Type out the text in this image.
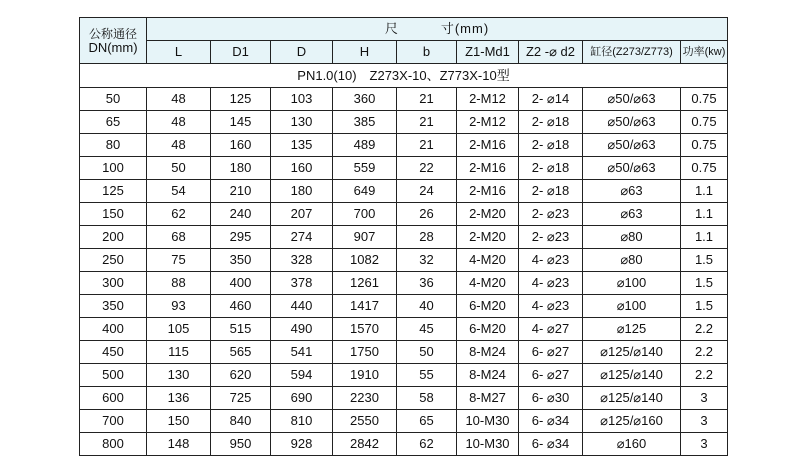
公称通径
DN(mm)	尺　　　寸(mm)								
	L	D1	D	H	b	Z1-Md1	Z2 -⌀ d2	缸径(Z273/Z773)	功率(kw)
PN1.0(10)　Z273X-10、Z773X-10型									
50	48	125	103	360	21	2-M12	2- ⌀14	⌀50/⌀63	0.75
65	48	145	130	385	21	2-M12	2- ⌀18	⌀50/⌀63	0.75
80	48	160	135	489	21	2-M16	2- ⌀18	⌀50/⌀63	0.75
100	50	180	160	559	22	2-M16	2- ⌀18	⌀50/⌀63	0.75
125	54	210	180	649	24	2-M16	2- ⌀18	⌀63	1.1
150	62	240	207	700	26	2-M20	2- ⌀23	⌀63	1.1
200	68	295	274	907	28	2-M20	2- ⌀23	⌀80	1.1
250	75	350	328	1082	32	4-M20	4- ⌀23	⌀80	1.5
300	88	400	378	1261	36	4-M20	4- ⌀23	⌀100	1.5
350	93	460	440	1417	40	6-M20	4- ⌀23	⌀100	1.5
400	105	515	490	1570	45	6-M20	4- ⌀27	⌀125	2.2
450	115	565	541	1750	50	8-M24	6- ⌀27	⌀125/⌀140	2.2
500	130	620	594	1910	55	8-M24	6- ⌀27	⌀125/⌀140	2.2
600	136	725	690	2230	58	8-M27	6- ⌀30	⌀125/⌀140	3
700	150	840	810	2550	65	10-M30	6- ⌀34	⌀125/⌀160	3
800	148	950	928	2842	62	10-M30	6- ⌀34	⌀160	3
